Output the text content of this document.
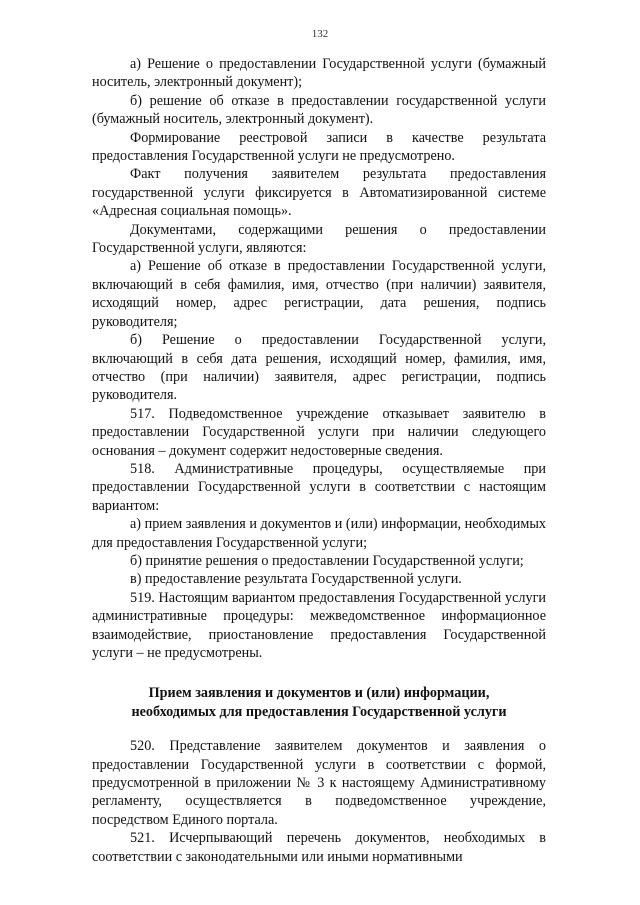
132

а) Решение о предоставлении Государственной услуги (бумажный носитель, электронный документ);

б) решение об отказе в предоставлении государственной услуги (бумажный носитель, электронный документ).

Формирование реестровой записи в качестве результата предоставления Государственной услуги не предусмотрено.

Факт получения заявителем результата предоставления государственной услуги фиксируется в Автоматизированной системе «Адресная социальная помощь».

Документами, содержащими решения о предоставлении Государственной услуги, являются:

а) Решение об отказе в предоставлении Государственной услуги, включающий в себя фамилия, имя, отчество (при наличии) заявителя, исходящий номер, адрес регистрации, дата решения, подпись руководителя;

б) Решение о предоставлении Государственной услуги, включающий в себя дата решения, исходящий номер, фамилия, имя, отчество (при наличии) заявителя, адрес регистрации, подпись руководителя.

517. Подведомственное учреждение отказывает заявителю в предоставлении Государственной услуги при наличии следующего основания – документ содержит недостоверные сведения.

518. Административные процедуры, осуществляемые при предоставлении Государственной услуги в соответствии с настоящим вариантом:

а) прием заявления и документов и (или) информации, необходимых для предоставления Государственной услуги;

б) принятие решения о предоставлении Государственной услуги;

в) предоставление результата Государственной услуги.

519. Настоящим вариантом предоставления Государственной услуги административные процедуры: межведомственное информационное взаимодействие, приостановление предоставления Государственной услуги – не предусмотрены.

Прием заявления и документов и (или) информации,
необходимых для предоставления Государственной услуги

520. Представление заявителем документов и заявления о предоставлении Государственной услуги в соответствии с формой, предусмотренной в приложении № 3 к настоящему Административному регламенту, осуществляется в подведомственное учреждение, посредством Единого портала.

521. Исчерпывающий перечень документов, необходимых в соответствии с законодательными или иными нормативными
